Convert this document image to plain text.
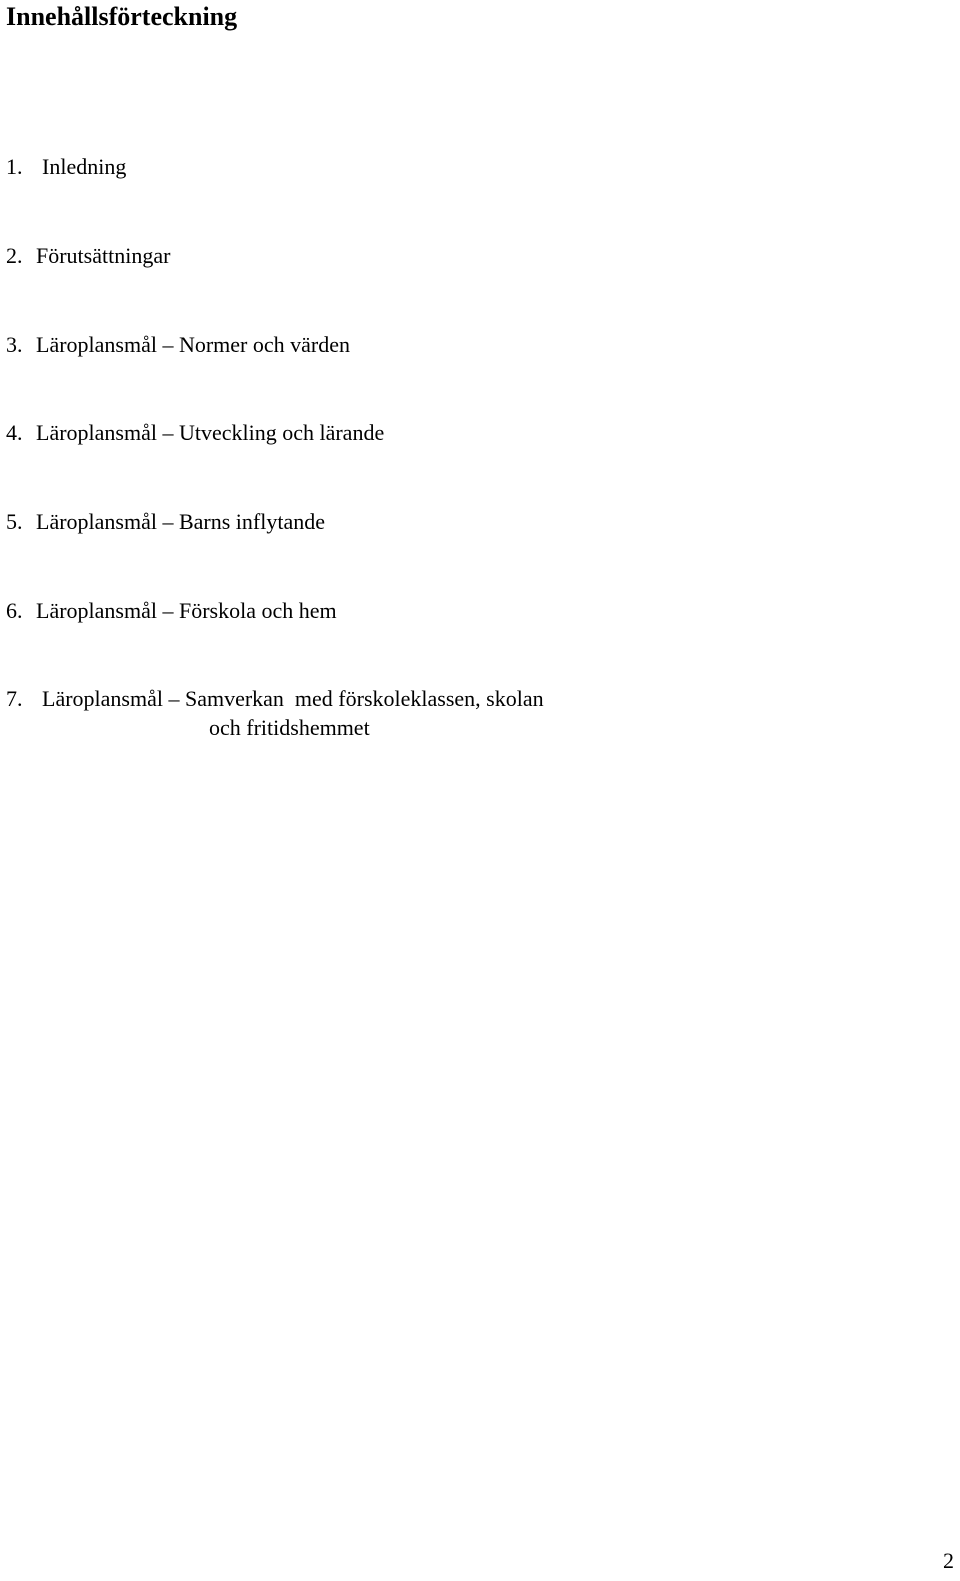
Innehållsförteckning
1. Inledning
2. Förutsättningar
3. Läroplansmål – Normer och värden
4. Läroplansmål – Utveckling och lärande
5. Läroplansmål – Barns inflytande
6. Läroplansmål – Förskola och hem
7. Läroplansmål – Samverkan  med förskoleklassen, skolan
och fritidshemmet
2
